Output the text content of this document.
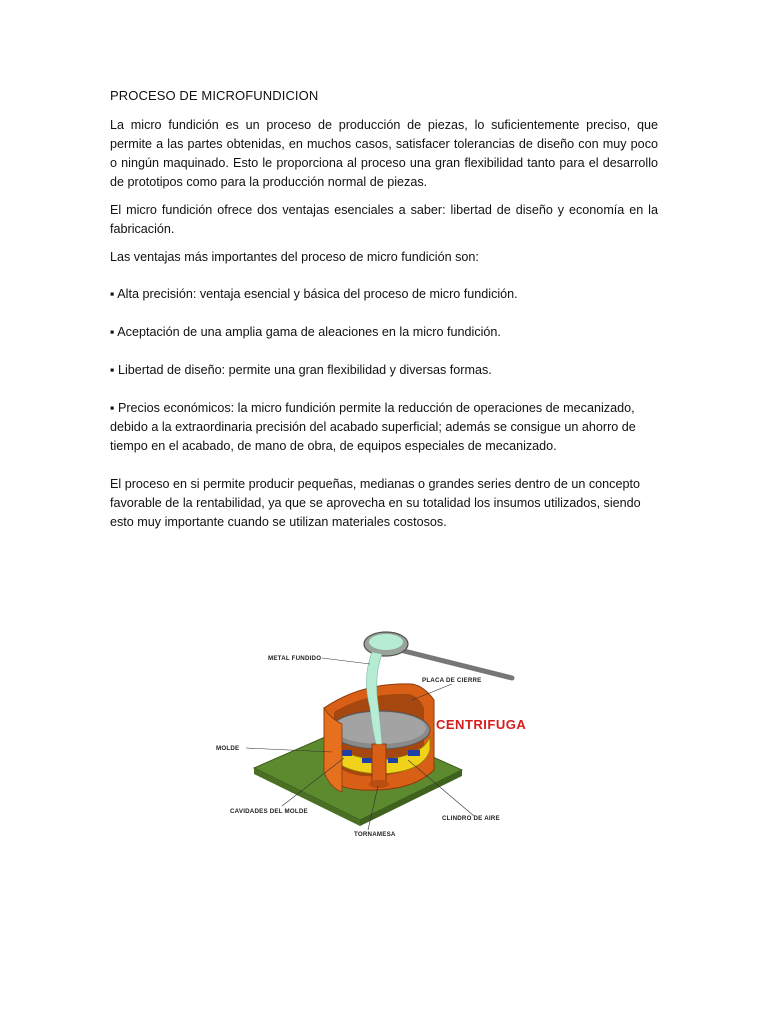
PROCESO DE MICROFUNDICION

La micro fundición es un proceso de producción de piezas, lo suficientemente preciso, que permite a las partes obtenidas, en muchos casos, satisfacer tolerancias de diseño con muy poco o ningún maquinado. Esto le proporciona al proceso una gran flexibilidad tanto para el desarrollo de prototipos como para la producción normal de piezas.

El micro fundición ofrece dos ventajas esenciales a saber: libertad de diseño y economía en la fabricación.

Las ventajas más importantes del proceso de micro fundición son:

▪ Alta precisión: ventaja esencial y básica del proceso de micro fundición.

▪ Aceptación de una amplia gama de aleaciones en la micro fundición.

▪ Libertad de diseño: permite una gran flexibilidad y diversas formas.

▪ Precios económicos: la micro fundición permite la reducción de operaciones de mecanizado, debido a la extraordinaria precisión del acabado superficial; además se consigue un ahorro de tiempo en el acabado, de mano de obra, de equipos especiales de mecanizado.

El proceso en si permite producir pequeñas, medianas o grandes series dentro de un concepto favorable de la rentabilidad, ya que se aprovecha en su totalidad los insumos utilizados, siendo esto muy importante cuando se utilizan materiales costosos.

METAL FUNDIDO
PLACA DE CIERRE
CENTRIFUGA
MOLDE
CAVIDADES DEL MOLDE
CLINDRO DE AIRE
TORNAMESA
